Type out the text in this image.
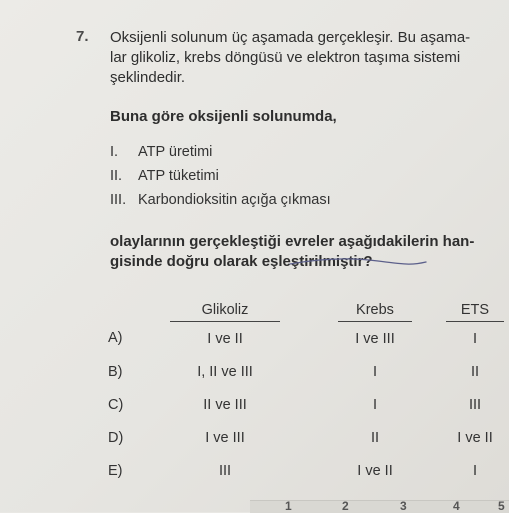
7. Oksijenli solunum üç aşamada gerçekleşir. Bu aşama-
lar glikoliz, krebs döngüsü ve elektron taşıma sistemi
şeklindedir.
Buna göre oksijenli solunumda,
I. ATP üretimi
II. ATP tüketimi
III. Karbondioksitin açığa çıkması
olaylarının gerçekleştiği evreler aşağıdakilerin han-
gisinde doğru olarak eşleştirilmiştir?
	Glikoliz		Krebs		ETS
A)	I ve II		I ve III		I
B)	I, II ve III		I		II
C)	II ve III		I		III
D)	I ve III		II		I ve II
E)	III		I ve II		I
1	2	3	4	5
